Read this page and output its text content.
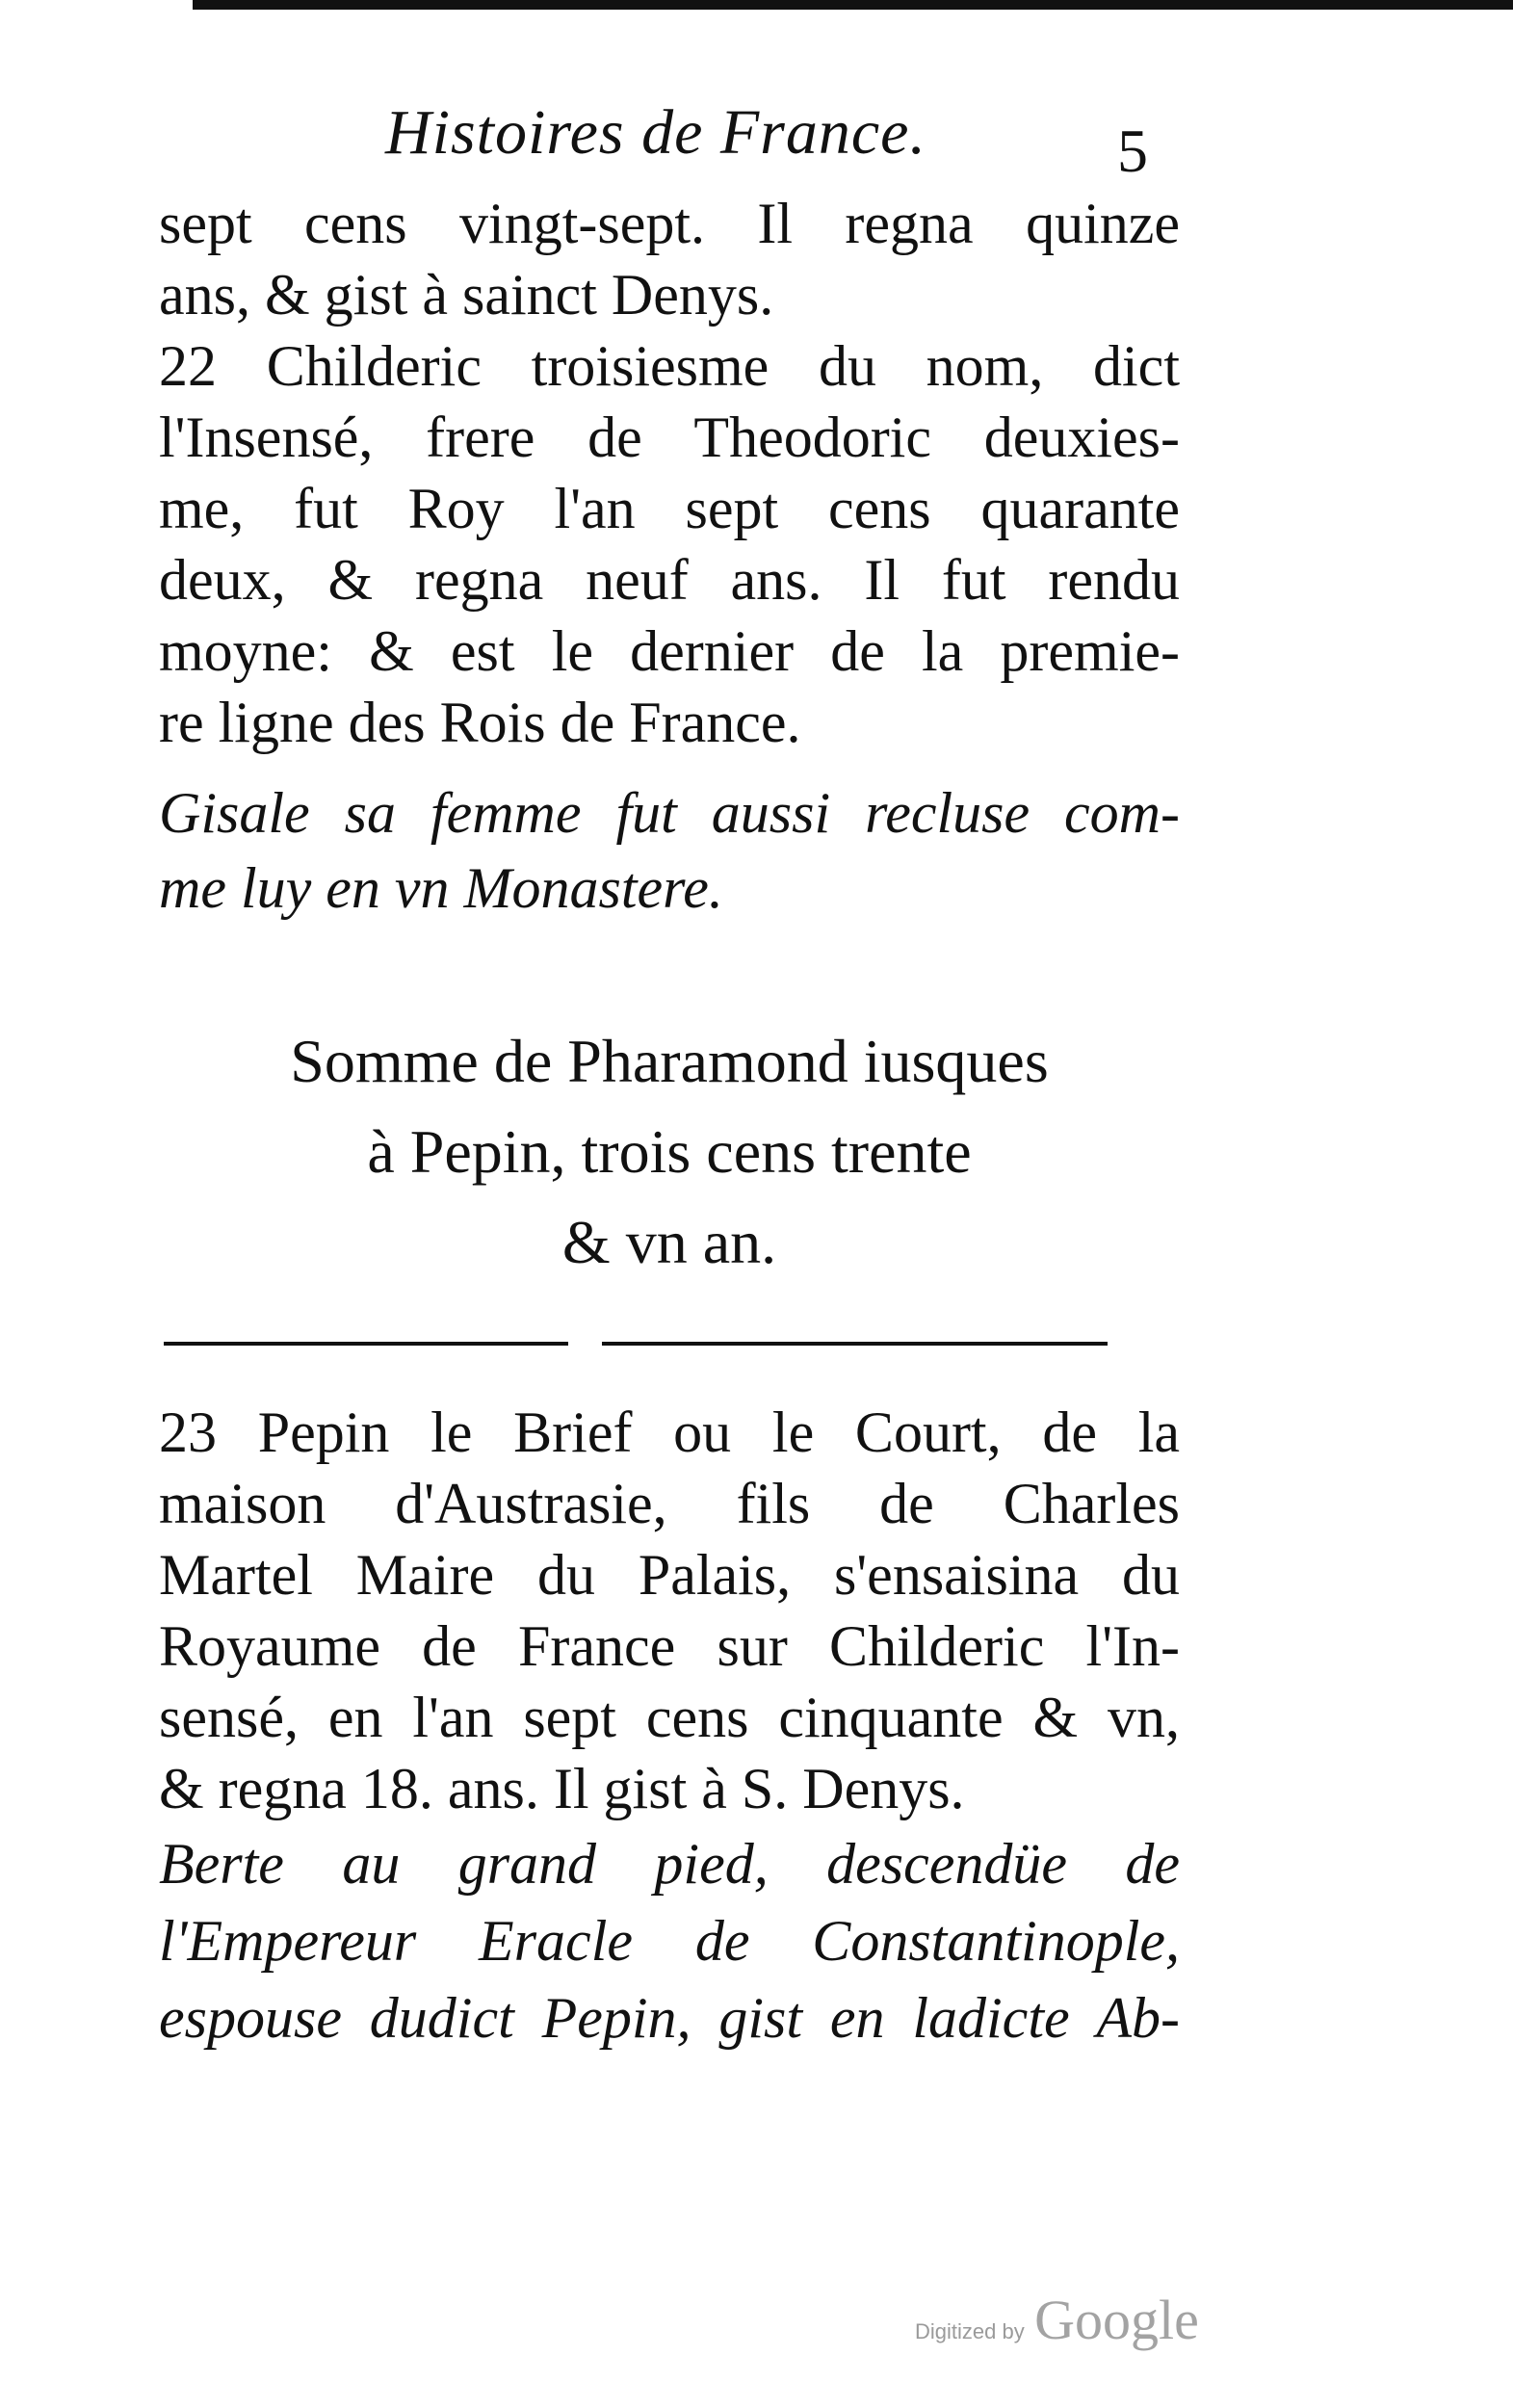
Histoires de France.	5
sept cens vingt-sept. Il regna quinze
ans, & gist à sainct Denys.
22 Childeric troisiesme du nom, dict
l'Insensé, frere de Theodoric deuxies-
me, fut Roy l'an sept cens quarante
deux, & regna neuf ans. Il fut rendu
moyne: & est le dernier de la premie-
re ligne des Rois de France.
Gisale sa femme fut aussi recluse com-
me luy en vn Monastere.
Somme de Pharamond iusques
à Pepin, trois cens trente
& vn an.
23 Pepin le Brief ou le Court, de la
maison d'Austrasie, fils de Charles
Martel Maire du Palais, s'ensaisina du
Royaume de France sur Childeric l'In-
sensé, en l'an sept cens cinquante & vn,
& regna 18. ans. Il gist à S. Denys.
Berte au grand pied, descendüe de
l'Empereur Eracle de Constantinople,
espouse dudict Pepin, gist en ladicte Ab-
Digitized by Google
